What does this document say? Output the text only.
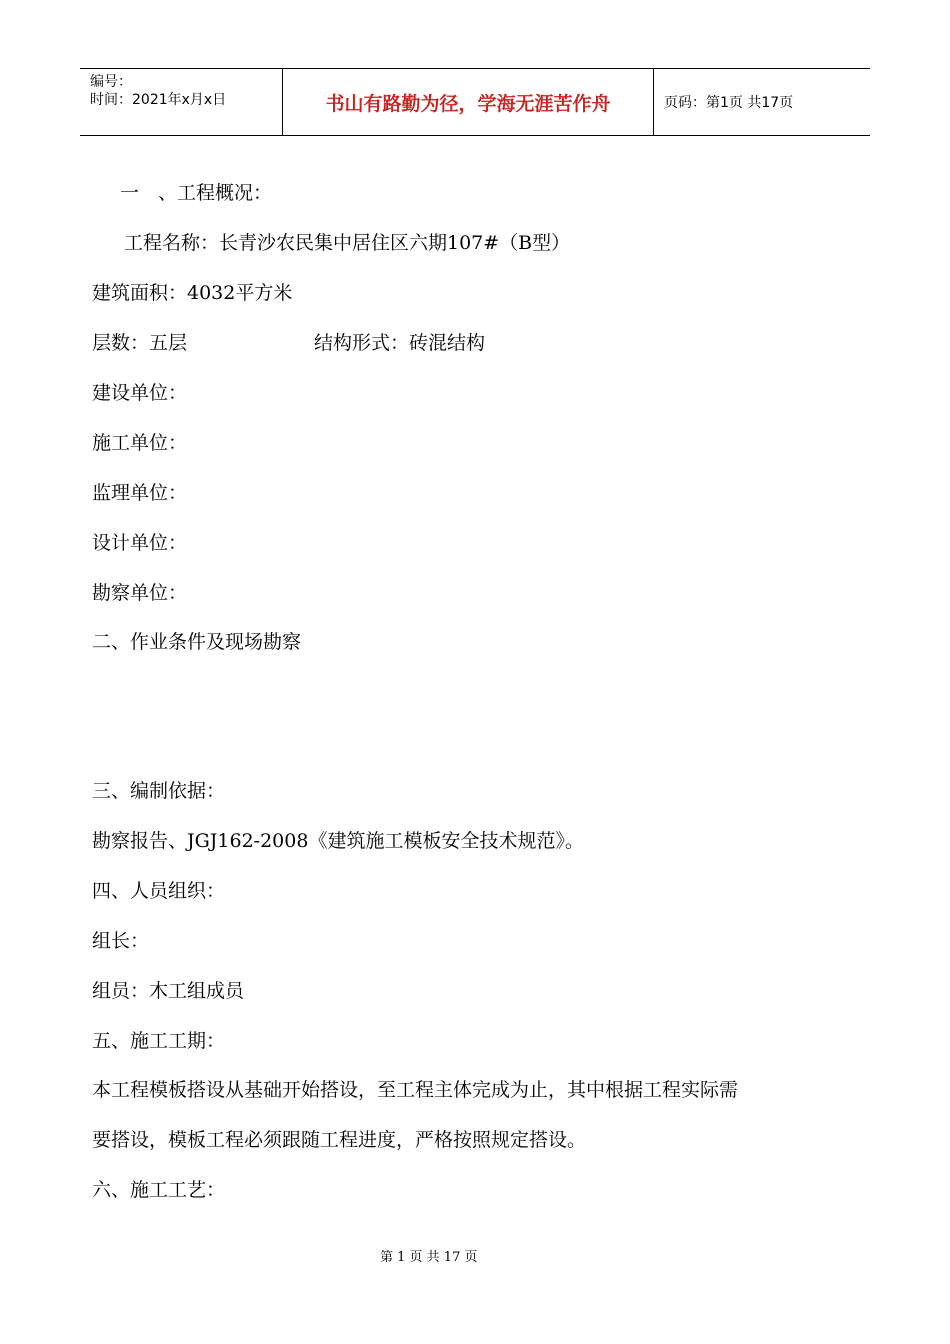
编号：
时间：2021年x月x日	书山有路勤为径，学海无涯苦作舟	页码：第1页 共17页
一　、工程概况：
工程名称：长青沙农民集中居住区六期107#（B型）
建筑面积：4032平方米
层数：五层	结构形式：砖混结构
建设单位：
施工单位：
监理单位：
设计单位：
勘察单位：
二、作业条件及现场勘察
三、编制依据：
勘察报告、JGJ162-2008《建筑施工模板安全技术规范》。
四、人员组织：
组长：
组员：木工组成员
五、施工工期：
本工程模板搭设从基础开始搭设，至工程主体完成为止，其中根据工程实际需
要搭设，模板工程必须跟随工程进度，严格按照规定搭设。
六、施工工艺：
第 1 页 共 17 页
